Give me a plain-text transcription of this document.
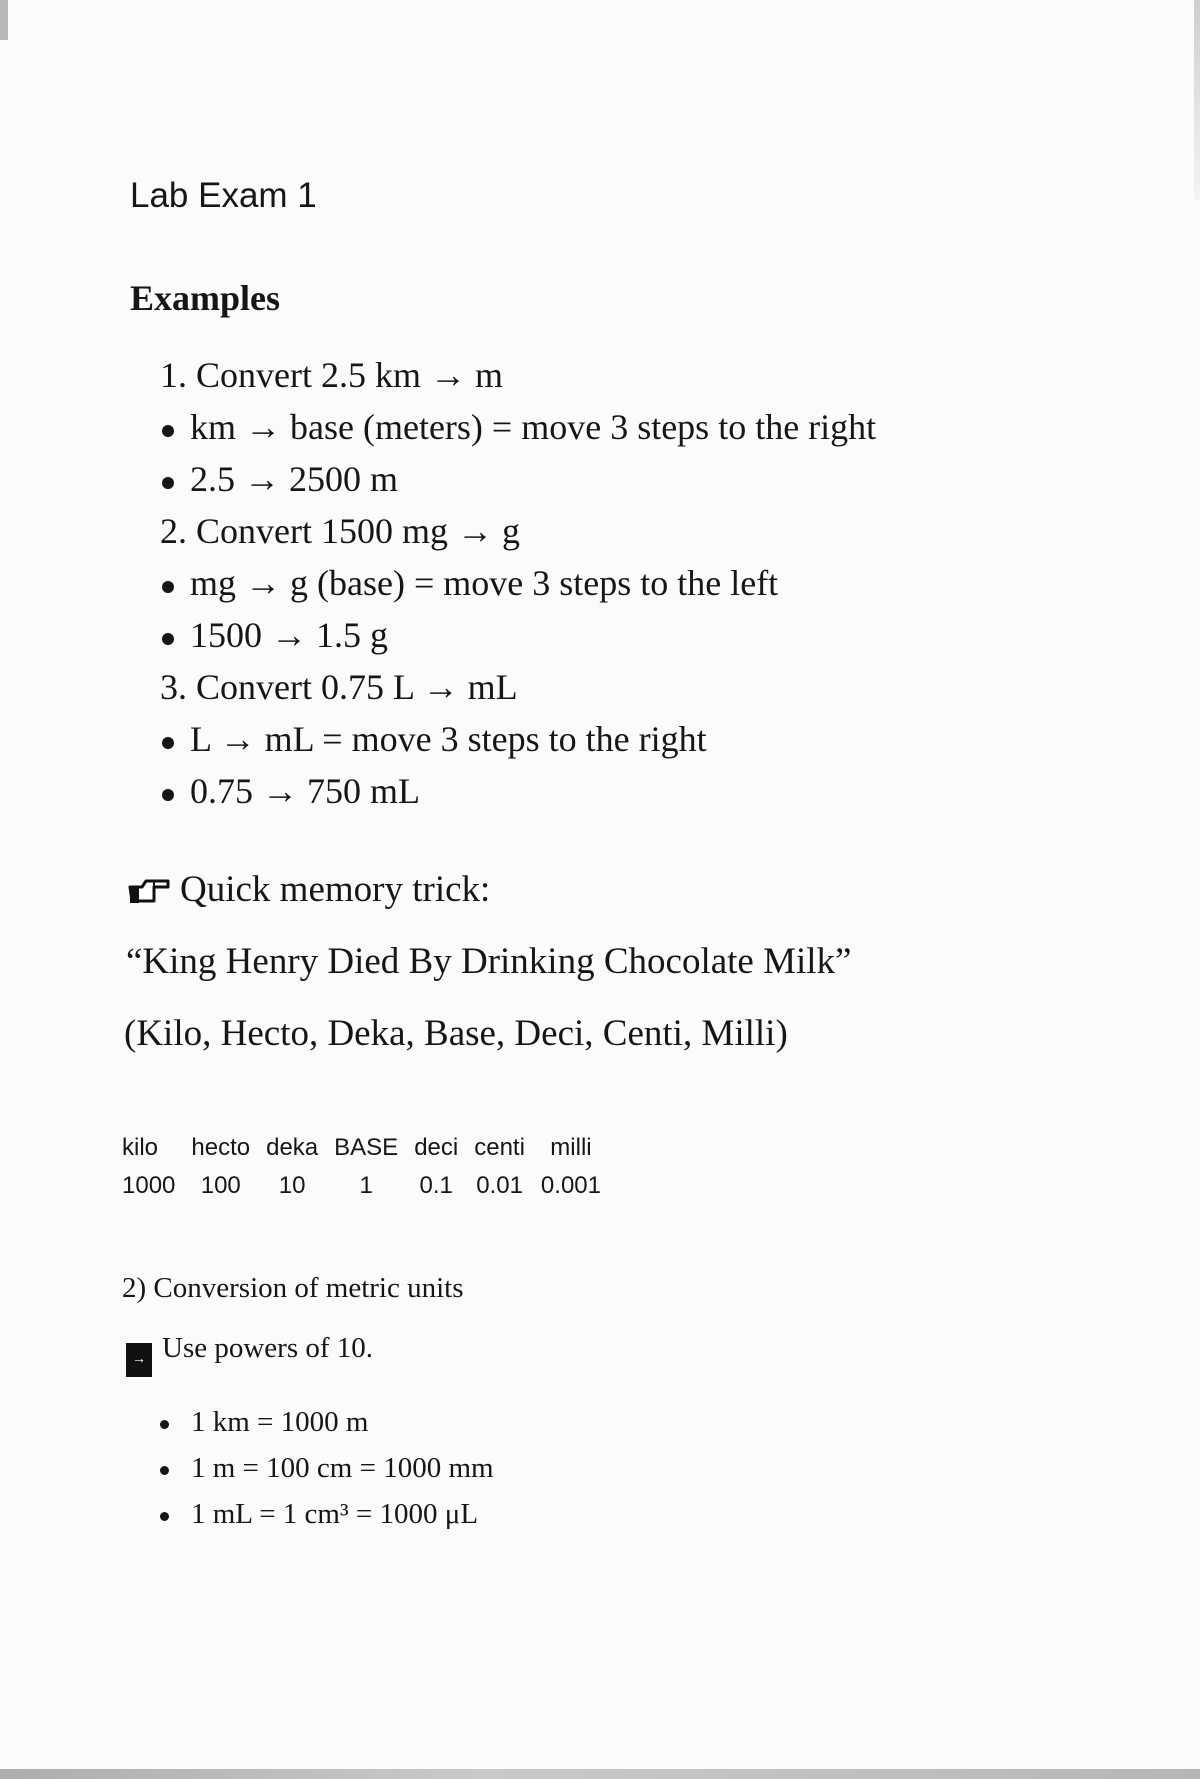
Lab Exam 1
Examples
1. Convert 2.5 km → m
km → base (meters) = move 3 steps to the right
2.5 → 2500 m
2. Convert 1500 mg → g
mg → g (base) = move 3 steps to the left
1500 → 1.5 g
3. Convert 0.75 L → mL
L → mL = move 3 steps to the right
0.75 → 750 mL
Quick memory trick:
“King Henry Died By Drinking Chocolate Milk”
(Kilo, Hecto, Deka, Base, Deci, Centi, Milli)
kilo	hecto	deka	BASE	deci	centi	milli
1000	100	10	1	0.1	0.01	0.001
2) Conversion of metric units
→ Use powers of 10.
1 km = 1000 m
1 m = 100 cm = 1000 mm
1 mL = 1 cm³ = 1000 μL
